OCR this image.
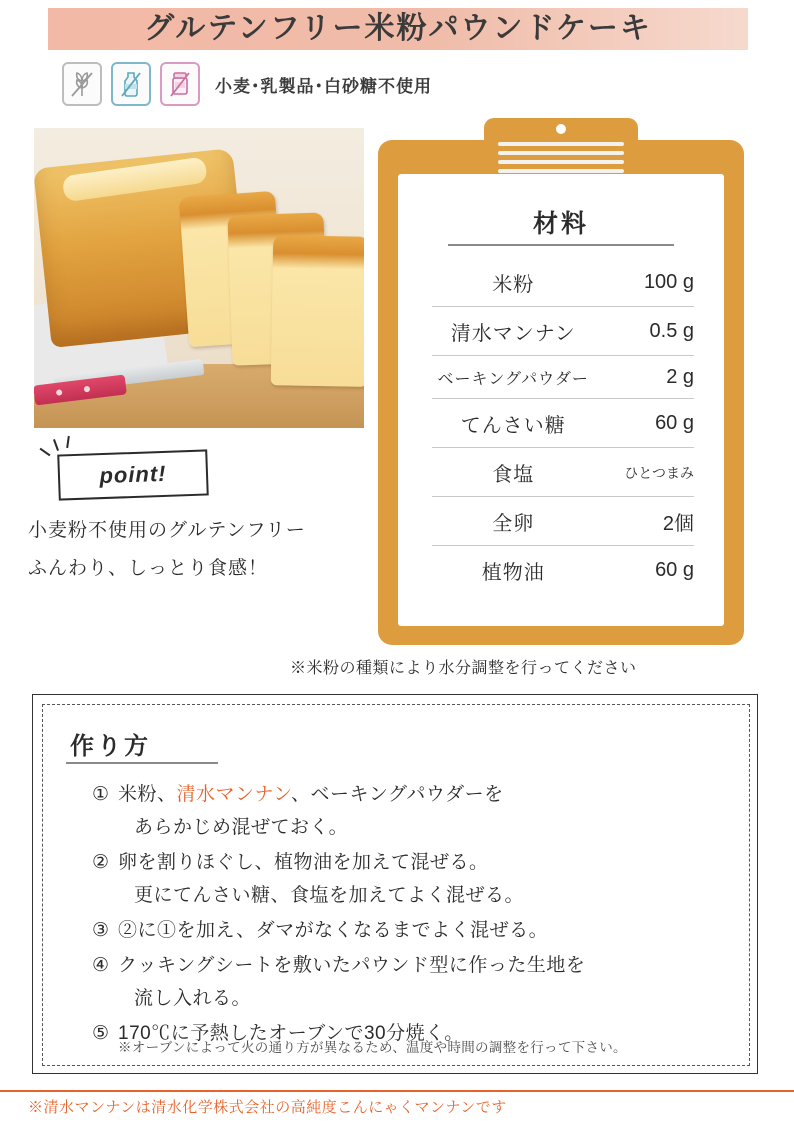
グルテンフリー米粉パウンドケーキ
小麦･乳製品･白砂糖不使用
point!
小麦粉不使用のグルテンフリー
ふんわり、しっとり食感！
材料
米粉	100 g
清水マンナン	0.5 g
ベーキングパウダー	2 g
てんさい糖	60 g
食塩	ひとつまみ
全卵	2個
植物油	60 g
※米粉の種類により水分調整を行ってください
作り方
① 米粉、清水マンナン、ベーキングパウダーを
あらかじめ混ぜておく。
② 卵を割りほぐし、植物油を加えて混ぜる。
更にてんさい糖、食塩を加えてよく混ぜる。
③ ②に①を加え、ダマがなくなるまでよく混ぜる。
④ クッキングシートを敷いたパウンド型に作った生地を
流し入れる。
⑤ 170℃に予熱したオーブンで30分焼く。
※オーブンによって火の通り方が異なるため、温度や時間の調整を行って下さい。
※清水マンナンは清水化学株式会社の高純度こんにゃくマンナンです
